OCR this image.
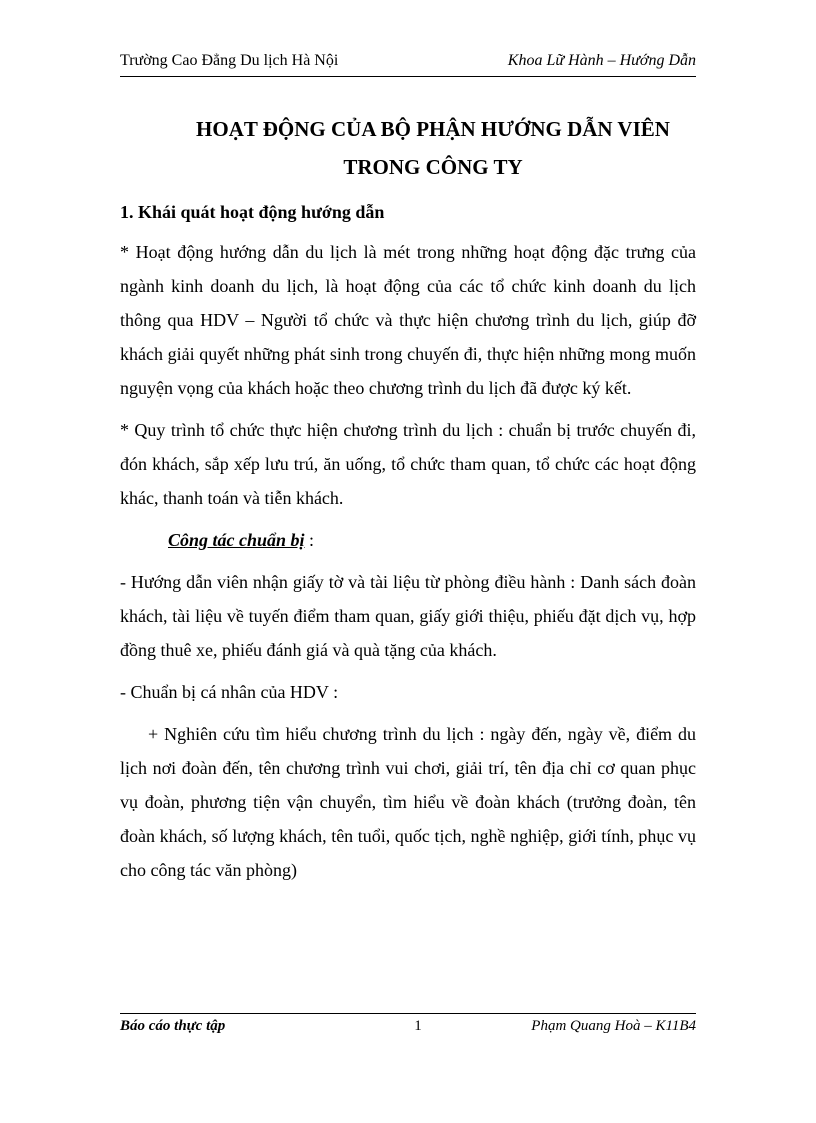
Trường Cao Đẳng Du lịch Hà Nội	Khoa Lữ Hành – Hướng Dẫn
HOẠT ĐỘNG CỦA BỘ PHẬN HƯỚNG DẪN VIÊN
TRONG CÔNG TY

1. Khái quát hoạt động hướng dẫn

* Hoạt động hướng dẫn du lịch là mét trong những hoạt động đặc trưng của ngành kinh doanh du lịch, là hoạt động của các tổ chức kinh doanh du lịch thông qua HDV – Người tổ chức và thực hiện chương trình du lịch, giúp đỡ khách giải quyết những phát sinh trong chuyến đi, thực hiện những mong muốn nguyện vọng của khách hoặc theo chương trình du lịch đã được ký kết.

* Quy trình tổ chức thực hiện chương trình du lịch : chuẩn bị trước chuyến đi, đón khách, sắp xếp lưu trú, ăn uống, tổ chức tham quan, tổ chức các hoạt động khác, thanh toán và tiễn khách.

Công tác chuẩn bị :

- Hướng dẫn viên nhận giấy tờ và tài liệu từ phòng điều hành : Danh sách đoàn khách, tài liệu về tuyến điểm tham quan, giấy giới thiệu, phiếu đặt dịch vụ, hợp đồng thuê xe, phiếu đánh giá và quà tặng của khách.

- Chuẩn bị cá nhân của HDV :

+ Nghiên cứu tìm hiểu chương trình du lịch : ngày đến, ngày về, điểm du lịch nơi đoàn đến, tên chương trình vui chơi, giải trí, tên địa chỉ cơ quan phục vụ đoàn, phương tiện vận chuyển, tìm hiểu về đoàn khách (trưởng đoàn, tên đoàn khách, số lượng khách, tên tuổi, quốc tịch, nghề nghiệp, giới tính, phục vụ cho công tác văn phòng)

Báo cáo thực tập	1	Phạm Quang Hoà – K11B4
